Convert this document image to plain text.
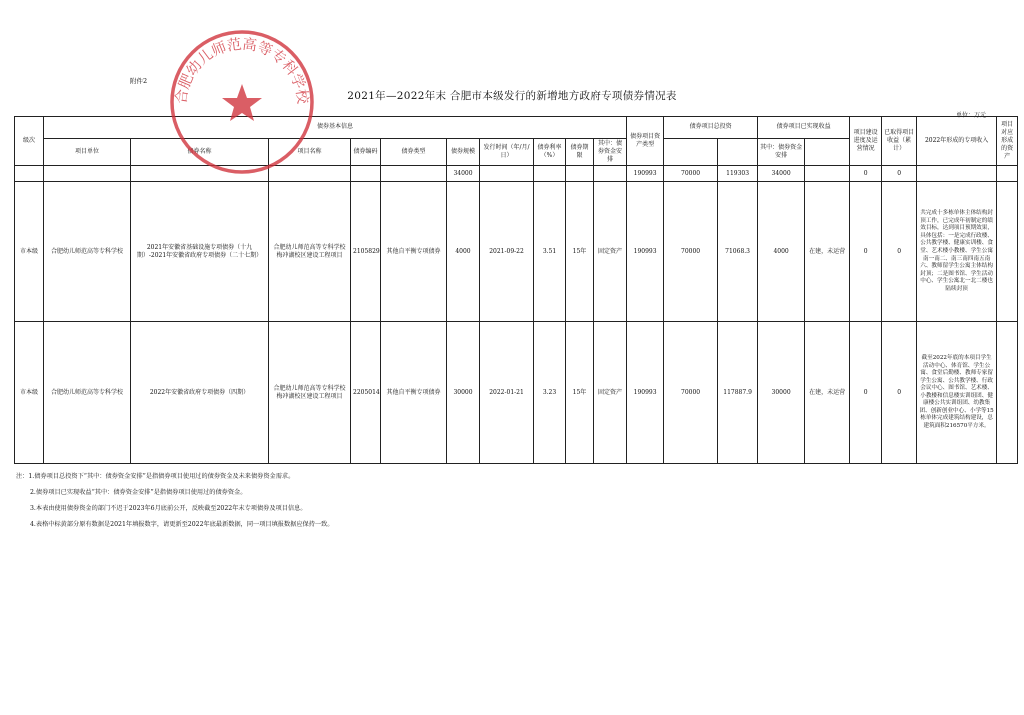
附件2
2021年—2022年末 合肥市本级发行的新增地方政府专项债券情况表
单位：万元
级次	债券基本信息										债券项目资产类型	债券项目总投资		债券项目已实现收益		项目建设进度及运营情况	已取得项目收益（累计）	2022年形成的专项收入	项目对应形成的资产	
	项目单位	债券名称	项目名称	债券编码	债券类型	债券规模	发行时间（年/月/日）	债券利率（%）	债券期限	其中：债券资金安排				其中：债券资金安排						
						34000					190993	70000	119303	34000		0	0			
市本级	合肥幼儿师范高等专科学校	2021年安徽省基础设施专项债券（十九期）-2021年安徽省政府专项债券（二十七期）	合肥幼儿师范高等专科学校梅冲湖校区建设工程项目	2105829	其他自平衡专项债券	4000	2021-09-22	3.51	15年	固定资产	190993	70000	71068.3	4000	在建，未运营	0	0	共完成十多栋单体主体结构封顶工作，已完成年初制定的绩效目标，达到项目预期效果，具体包括：一是完成行政楼、公共教学楼、健康实训楼、食堂、艺术楼小教楼、学生公寓南一南二、南三南四南五南六、教师留学生公寓主体结构封顶；二是图书馆、学生活动中心、学生公寓北一北二楼也陆续封顶		
市本级	合肥幼儿师范高等专科学校	2022年安徽省政府专项债券（四期）	合肥幼儿师范高等专科学校梅冲湖校区建设工程项目	2205014	其他自平衡专项债券	30000	2022-01-21	3.23	15年	固定资产	190993	70000	117887.9	30000	在建，未运营	0	0	截至2022年底的本项目学生活动中心、体育馆、学生公寓、食堂后勤楼、教师专家留学生公寓、公共教学楼、行政会议中心、图书馆、艺术楼、小教楼和信息楼实训组团、健康楼公共实训组团、幼教集团、创新创业中心、小学等15栋单体完成建筑结构建设，总建筑面积216570平方米。		
注：1.债券项目总投资下“其中：债券资金安排”是指债券项目使用过的债券资金及未来债券资金需求。
2.债券项目已实现收益“其中：债券资金安排”是指债券项目使用过的债券资金。
3.本表由使用债券资金的部门不迟于2023年6月底前公开，反映截至2022年末专项债券及项目信息。
4.表格中标黄部分原有数据是2021年填报数字，请更新至2022年底最新数据，同一项目填报数据应保持一致。
合肥幼儿师范高等专科学校
